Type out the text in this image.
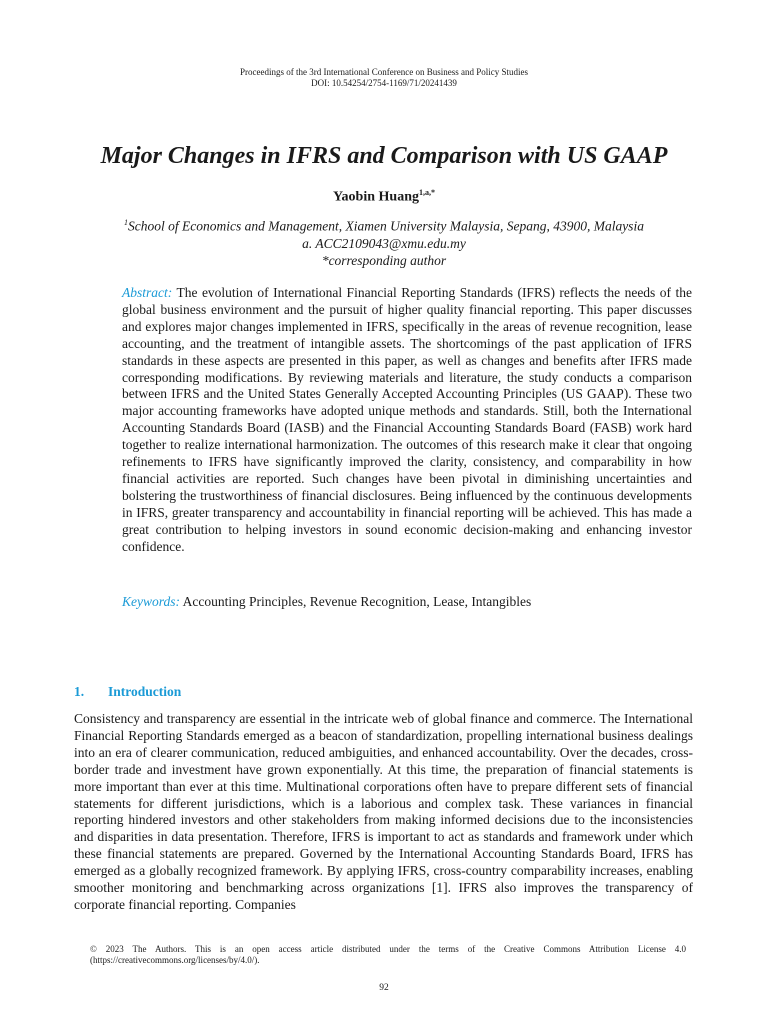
Proceedings of the 3rd International Conference on Business and Policy Studies
DOI: 10.54254/2754-1169/71/20241439
Major Changes in IFRS and Comparison with US GAAP
Yaobin Huang$^{1,a,*}$
$^1$School of Economics and Management, Xiamen University Malaysia, Sepang, 43900, Malaysia
a. ACC2109043@xmu.edu.my
*corresponding author

Abstract: The evolution of International Financial Reporting Standards (IFRS) reflects the needs of the global business environment and the pursuit of higher quality financial reporting. This paper discusses and explores major changes implemented in IFRS, specifically in the areas of revenue recognition, lease accounting, and the treatment of intangible assets. The shortcomings of the past application of IFRS standards in these aspects are presented in this paper, as well as changes and benefits after IFRS made corresponding modifications. By reviewing materials and literature, the study conducts a comparison between IFRS and the United States Generally Accepted Accounting Principles (US GAAP). These two major accounting frameworks have adopted unique methods and standards. Still, both the International Accounting Standards Board (IASB) and the Financial Accounting Standards Board (FASB) work hard together to realize international harmonization. The outcomes of this research make it clear that ongoing refinements to IFRS have significantly improved the clarity, consistency, and comparability in how financial activities are reported. Such changes have been pivotal in diminishing uncertainties and bolstering the trustworthiness of financial disclosures. Being influenced by the continuous developments in IFRS, greater transparency and accountability in financial reporting will be achieved. This has made a great contribution to helping investors in sound economic decision-making and enhancing investor confidence.

Keywords: Accounting Principles, Revenue Recognition, Lease, Intangibles

1. Introduction

Consistency and transparency are essential in the intricate web of global finance and commerce. The International Financial Reporting Standards emerged as a beacon of standardization, propelling international business dealings into an era of clearer communication, reduced ambiguities, and enhanced accountability. Over the decades, cross-border trade and investment have grown exponentially. At this time, the preparation of financial statements is more important than ever at this time. Multinational corporations often have to prepare different sets of financial statements for different jurisdictions, which is a laborious and complex task. These variances in financial reporting hindered investors and other stakeholders from making informed decisions due to the inconsistencies and disparities in data presentation. Therefore, IFRS is important to act as standards and framework under which these financial statements are prepared. Governed by the International Accounting Standards Board, IFRS has emerged as a globally recognized framework. By applying IFRS, cross-country comparability increases, enabling smoother monitoring and benchmarking across organizations [1]. IFRS also improves the transparency of corporate financial reporting. Companies

© 2023 The Authors. This is an open access article distributed under the terms of the Creative Commons Attribution License 4.0 (https://creativecommons.org/licenses/by/4.0/).

92
